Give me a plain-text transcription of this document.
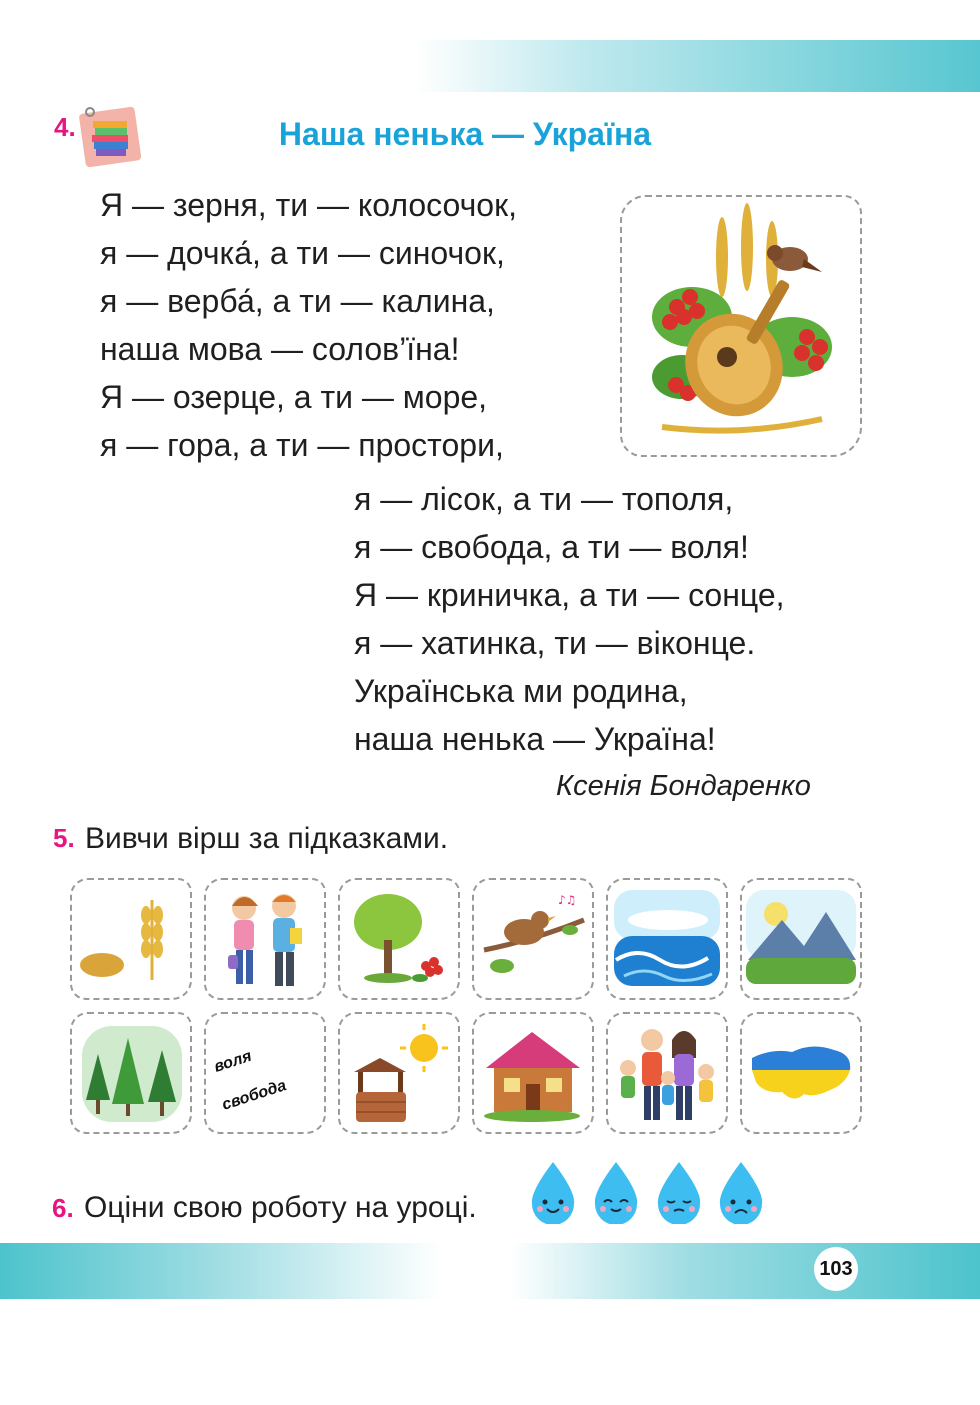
4.	Наша ненька — Україна
Я — зерня, ти — колосочок,
я — дочка́, а ти — синочок,
я — верба́, а ти — калина,
наша мова — солов’їна!
Я — озерце, а ти — море,
я — гора, а ти — простори,
я — лісок, а ти — тополя,
я — свобода, а ти — воля!
Я — криничка, а ти — сонце,
я — хатинка, ти — віконце.
Українська ми родина,
наша ненька — Україна!
Ксенія Бондаренко
5. Вивчи вірш за підказками.
♪♫
воля
свобода
6. Оціни свою роботу на уроці.
103
